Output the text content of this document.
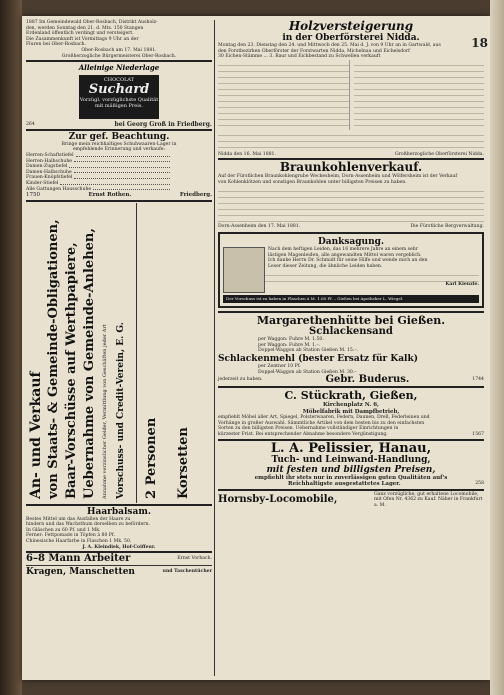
18
1887 Im Gemeindewald Ober-Rosbach, Distrikt Ausholz-
den, werden Sonntag den 21. d. Mts. 150 Stangen
Erdenland öffentlich verdingt und versteigert.
Die Zusammenkunft ist Vormittags 9 Uhr an der
Fluren bei Ober-Rosbach.
Ober-Rosbach am 17. Mai 1881.
Großherzogliche Bürgermeisterei Ober-Rosbach.
Alleinige Niederlage
CHOCOLAT
Suchard
Vorzügl. vorzüglichste Qualität mit mäßigen Preis.
264	bei Georg Groß in Friedberg.
Zur gef. Beachtung.
Bringe mein reichhaltiges Schuhwaaren-Lager in
empfehlende Erinnerung und verkaufe:
Herren-Schaftstiefel
Herren-Halbschuhe
Damen-Zugstiefel
Damen-Halbschuhe
Frauen-Knöpfstiefel
Kinder-Stiefel
Alle Gattungen Hausschuhe
1750	Ernst Rothen.	Friedberg.
An- und Verkauf von Staats- & Gemeinde-Obligationen, Baar-Vorschüsse auf Werthpapiere, Uebernahme von Gemeinde-Anlehen, Annahme verzinslicher Gelder, Vermittlung von Geschäften jeder Art Vorschuss- und Credit-Verein, E. G. 2 Personen Korsetten
Haarbalsam.
Bestes Mittel um das Ausfallen der Haare zu
hindern und das Wachsthum derselben zu befördern.
In Gläschen zu 60 Pf. und 1 Mk.
Ferner: Fettpomade in Töpfen à 80 Pf.
Chinesische Haarfarbe in Flaschen 1 Mk. 50.
J. A. Kleindiek, Hof-Coiffeur.
6–8 Mann Arbeiter	Ernst Vorbach.
Kragen, Manschetten	und Taschentücher
Holzversteigerung
in der Oberförsterei Nidda.
Montag den 23. Dienstag den 24. und Mittwoch den 25. Mai d. J. von 9 Uhr an in Gartwald, aus
den Forstbezirken Oberförster der Forstwarten Nidda, Michelnau und Eichelsdorf
30 Eichen-Stämme ... 3. Baur und Eichbestand zu Schwellen verkauft
Nidda den 16. Mai 1881.	Großherzogliche Oberförsterei Nidda.
Braunkohlenverkauf.
Auf der Fürstlichen Braunkohlengrube Weckesheim, Dorn-Assenheim und Wölfersheim ist der Verkauf
von Kohlenklötzen und sonstigen Braunkohlen unter billigsten Preisen zu haben.
Dorn-Assenheim den 17. Mai 1881.	Die Fürstliche Bergverwaltung.
Danksagung.
Nach dem heftigen Leiden, das 16 mehrere Jahre an einem sehr
lästigen Magenleiden, alle angewandten Mittel waren vergeblich.
Ich danke Herrn Dr. Schmidt für seine Hilfe und wende mich an den
Leser dieser Zeitung, die ähnliche Leiden haben.
Karl Kienzle.
Der Vorschuss ist zu haben in Flaschen à M. 1.60 Pf. – Gießen bei Apotheker L. Wiegel.
Margarethenhütte bei Gießen.
Schlackensand
per Waggon: Fuhre M. 1.50.
per Waggon: Fuhre M. 1.–.
Doppel-Waggon ab Station Gießen M. 15.–.
Schlackenmehl (bester Ersatz für Kalk)
per Zentner 10 Pf.
Doppel-Waggon ab Station Gießen M. 30.–
jederzeit zu haben.	Gebr. Buderus.	1744
C. Stückrath, Gießen,
Kirchenplatz N. 6,
Möbelfabrik mit Dampfbetrieb,
empfiehlt Möbel aller Art, Spiegel, Polsterwaaren, Federn, Daunen, Drell, Federleinen und
Vorhänge in großer Auswahl. Sämmtliche Artikel von dem besten bis zu den einfachsten
Sorten zu den billigsten Preisen. Uebernahme vollständiger Einrichtungen in
kürzester Frist. Bei entsprechender Abnahme besondere Vergünstigung.	1567
L. A. Pelissier, Hanau,
Tuch- und Leinwand-Handlung,
mit festen und billigsten Preisen,
empfiehlt ihr stets nur in zuverlässigen guten Qualitäten auf's
Reichhaltigste ausgestattetes Lager.	258
Hornsby-Locomobile,	Ganz vorzügliche, gut erhaltene Locomobile, mit Ofen Nr. 4362 zu Kauf. Näher in Frankfurt a. M.
